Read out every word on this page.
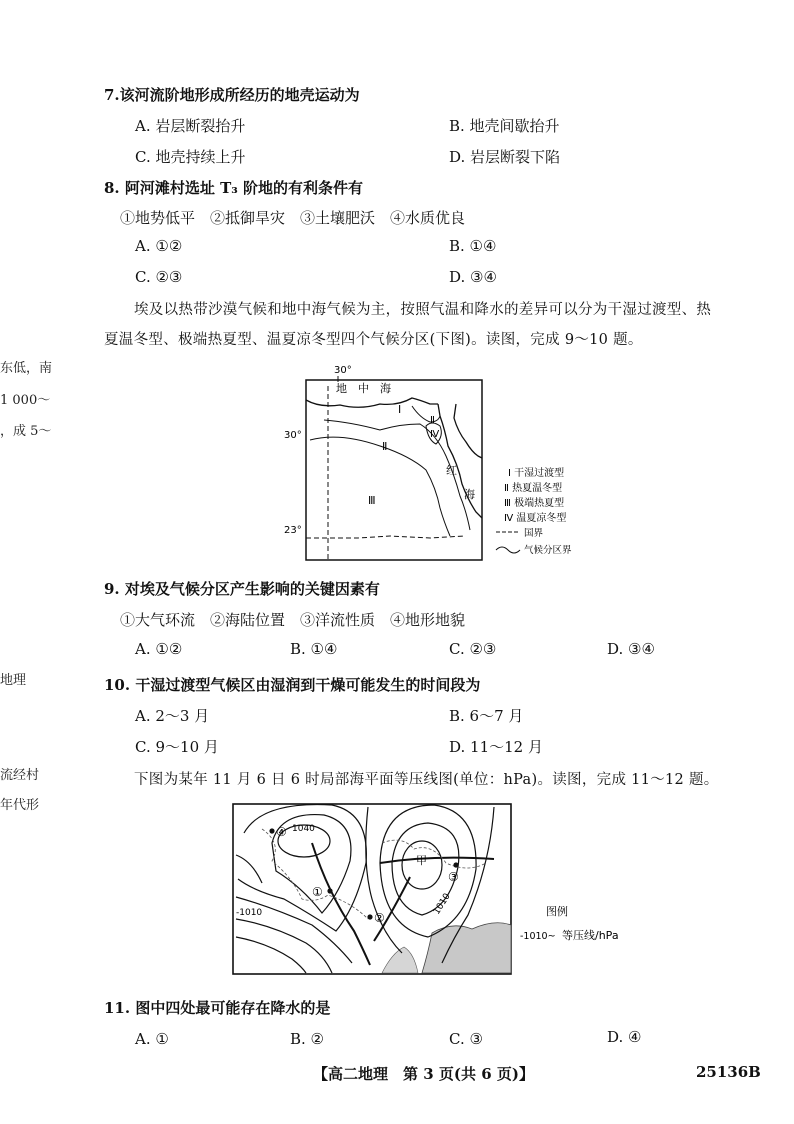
⁠东低，南
1 000～
，成 5～
地理
流经村
年代形
7.该河流阶地形成所经历的地壳运动为
A. 岩层断裂抬升	B. 地壳间歇抬升
C. 地壳持续上升	D. 岩层断裂下陷
8. 阿河滩村选址 T₃ 阶地的有利条件有
①地势低平　②抵御旱灾　③土壤肥沃　④水质优良
A. ①②	B. ①④
C. ②③	D. ③④
埃及以热带沙漠气候和地中海气候为主，按照气温和降水的差异可以分为干湿过渡型、热
夏温冬型、极端热夏型、温夏凉冬型四个气候分区(下图)。读图，完成 9～10 题。
30°
30°
23°
地　中　海
Ⅰ
Ⅱ
Ⅱ
Ⅳ
Ⅲ
红
海
Ⅰ 干湿过渡型
Ⅱ 热夏温冬型
Ⅲ 极端热夏型
Ⅳ 温夏凉冬型
国界
气候分区界
9. 对埃及气候分区产生影响的关键因素有
①大气环流　②海陆位置　③洋流性质　④地形地貌
A. ①②	B. ①④	C. ②③	D. ③④
10. 干湿过渡型气候区由湿润到干燥可能发生的时间段为
A. 2～3 月	B. 6～7 月
C. 9～10 月	D. 11～12 月
下图为某年 11 月 6 日 6 时局部海平面等压线图(单位：hPa)。读图，完成 11～12 题。
④
①
②
③
甲
1040
-1010	1010	图例
-1010~ 等压线/hPa
11. 图中四处最可能存在降水的是
A. ①	B. ②	C. ③	D. ④
【高二地理　第 3 页(共 6 页)】	25136B
